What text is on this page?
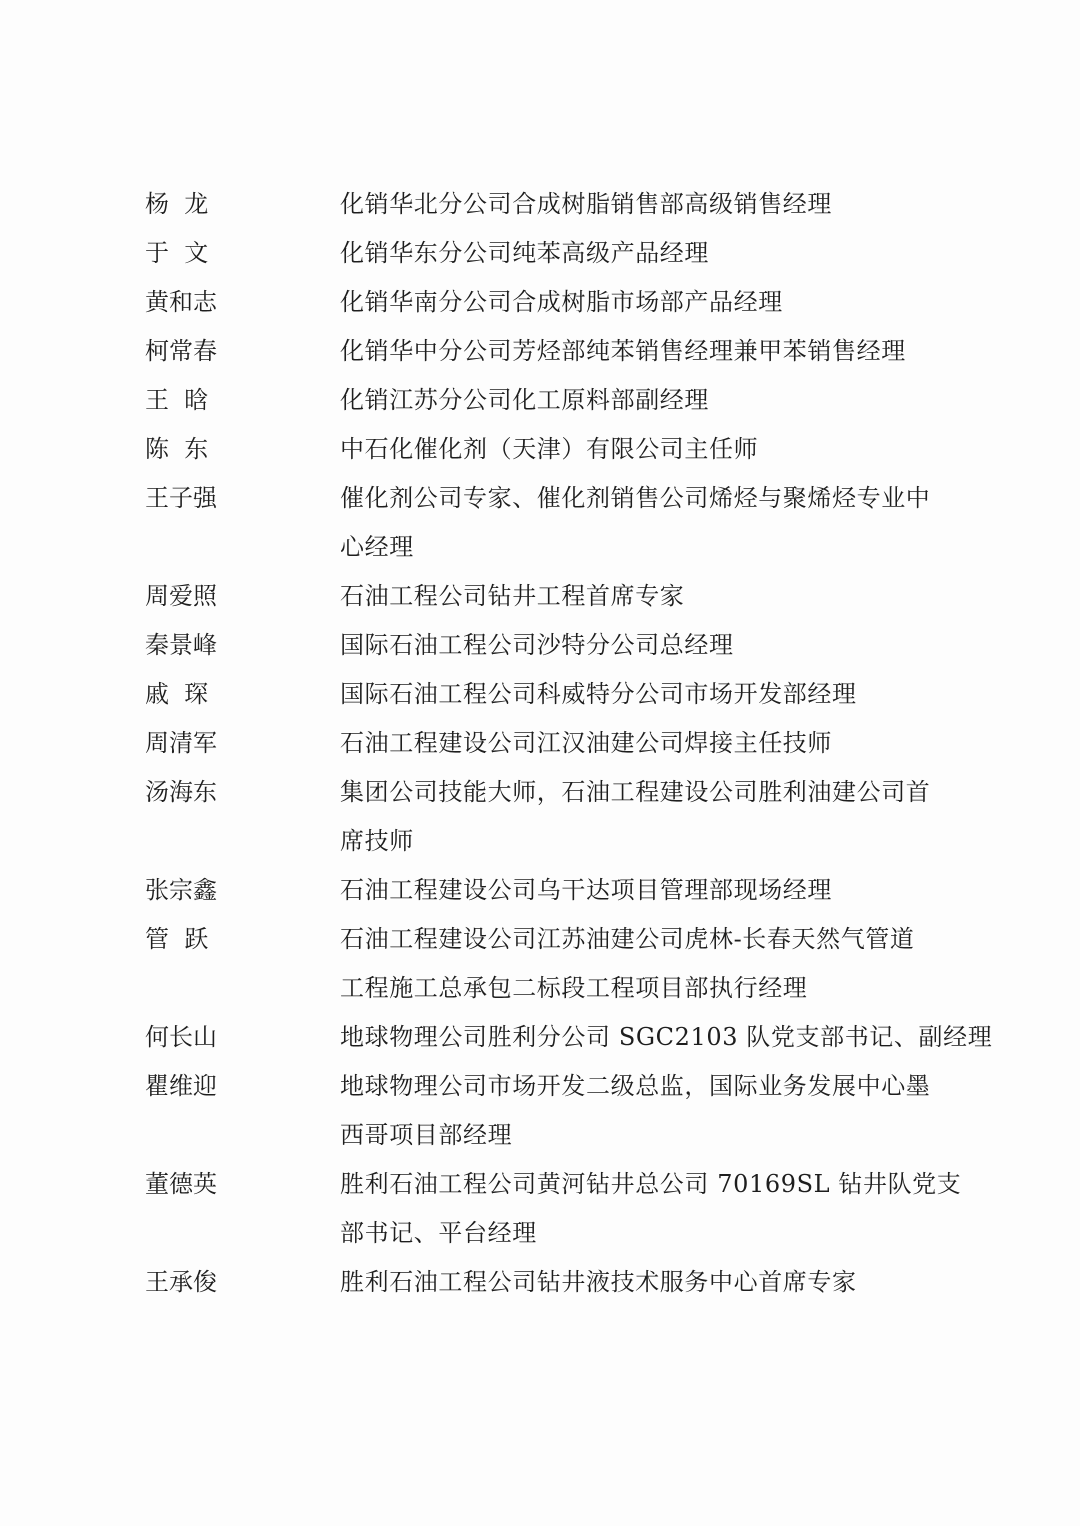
杨  龙	化销华北分公司合成树脂销售部高级销售经理
于  文	化销华东分公司纯苯高级产品经理
黄和志	化销华南分公司合成树脂市场部产品经理
柯常春	化销华中分公司芳烃部纯苯销售经理兼甲苯销售经理
王  晗	化销江苏分公司化工原料部副经理
陈  东	中石化催化剂（天津）有限公司主任师
王子强	催化剂公司专家、催化剂销售公司烯烃与聚烯烃专业中
心经理
周爱照	石油工程公司钻井工程首席专家
秦景峰	国际石油工程公司沙特分公司总经理
戚  琛	国际石油工程公司科威特分公司市场开发部经理
周清军	石油工程建设公司江汉油建公司焊接主任技师
汤海东	集团公司技能大师，石油工程建设公司胜利油建公司首
席技师
张宗鑫	石油工程建设公司乌干达项目管理部现场经理
管  跃	石油工程建设公司江苏油建公司虎林-长春天然气管道
工程施工总承包二标段工程项目部执行经理
何长山	地球物理公司胜利分公司 SGC2103 队党支部书记、副经理
瞿维迎	地球物理公司市场开发二级总监，国际业务发展中心墨
西哥项目部经理
董德英	胜利石油工程公司黄河钻井总公司 70169SL 钻井队党支
部书记、平台经理
王承俊	胜利石油工程公司钻井液技术服务中心首席专家
